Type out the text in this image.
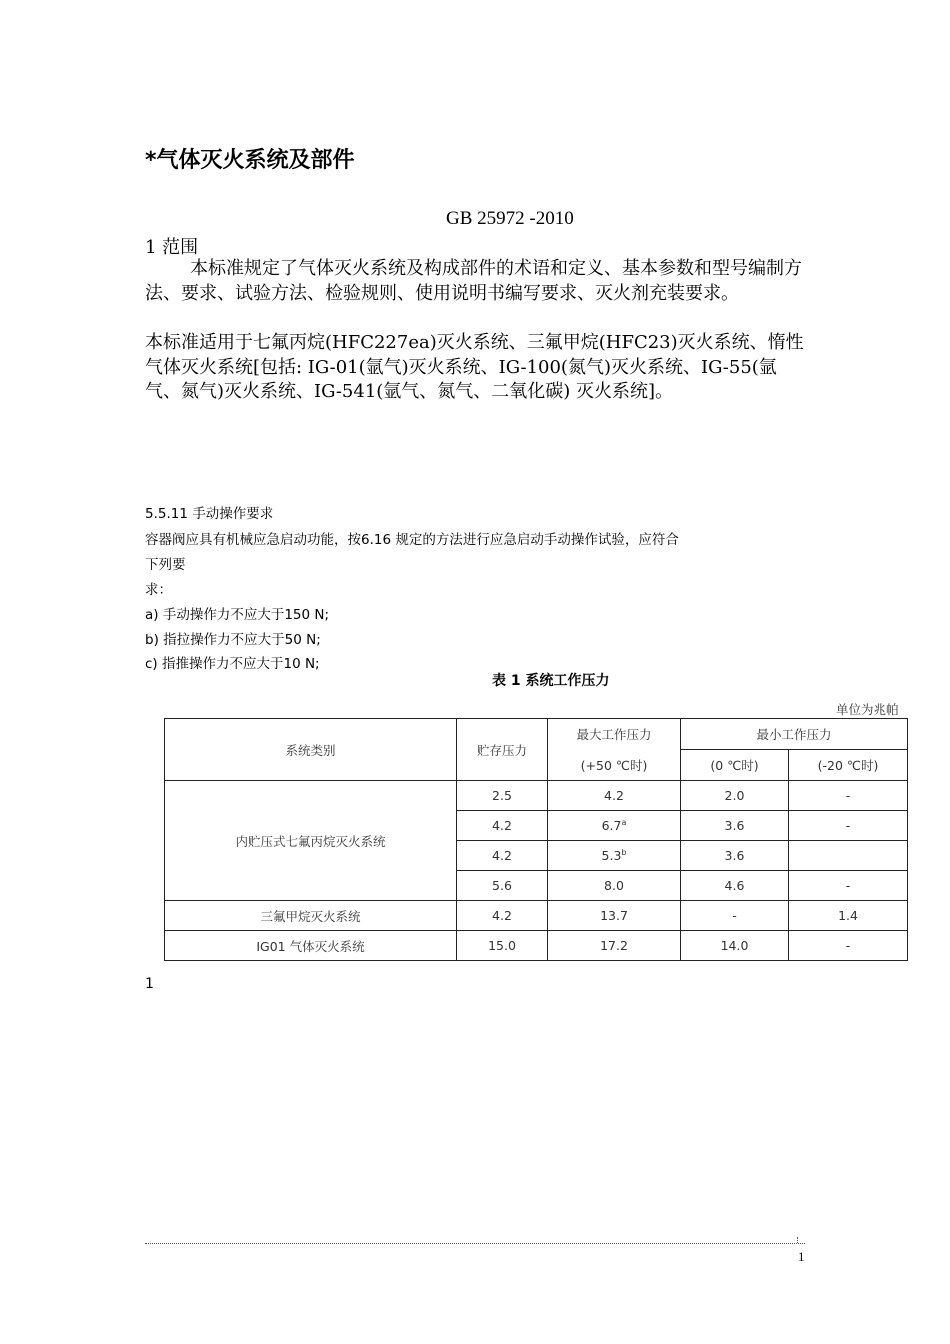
*气体灭火系统及部件
GB 25972 -2010
1 范围
本标准规定了气体灭火系统及构成部件的术语和定义、基本参数和型号编制方法、要求、试验方法、检验规则、使用说明书编写要求、灭火剂充装要求。
本标准适用于七氟丙烷(HFC227ea)灭火系统、三氟甲烷(HFC23)灭火系统、惰性气体灭火系统[包括: IG-01(氩气)灭火系统、IG-100(氮气)灭火系统、IG-55(氩气、氮气)灭火系统、IG-541(氩气、氮气、二氧化碳) 灭火系统]。
5.5.11 手动操作要求
容器阀应具有机械应急启动功能，按6.16 规定的方法进行应急启动手动操作试验，应符合
下列要
求：
a) 手动操作力不应大于150 N;
b) 指拉操作力不应大于50 N;
c) 指推操作力不应大于10 N;
表 1 系统工作压力
单位为兆帕
系统类别	贮存压力	最大工作压力	最小工作压力	
		(+50 ℃时)	(0 ℃时)	(-20 ℃时)
内贮压式七氟丙烷灭火系统	2.5	4.2	2.0	-
	4.2	6.7$^a$	3.6	-
	4.2	5.3$^b$	3.6	
	5.6	8.0	4.6	-
三氟甲烷灭火系统	4.2	13.7	-	1.4
IG01 气体灭火系统	15.0	17.2	14.0	-
1
1
